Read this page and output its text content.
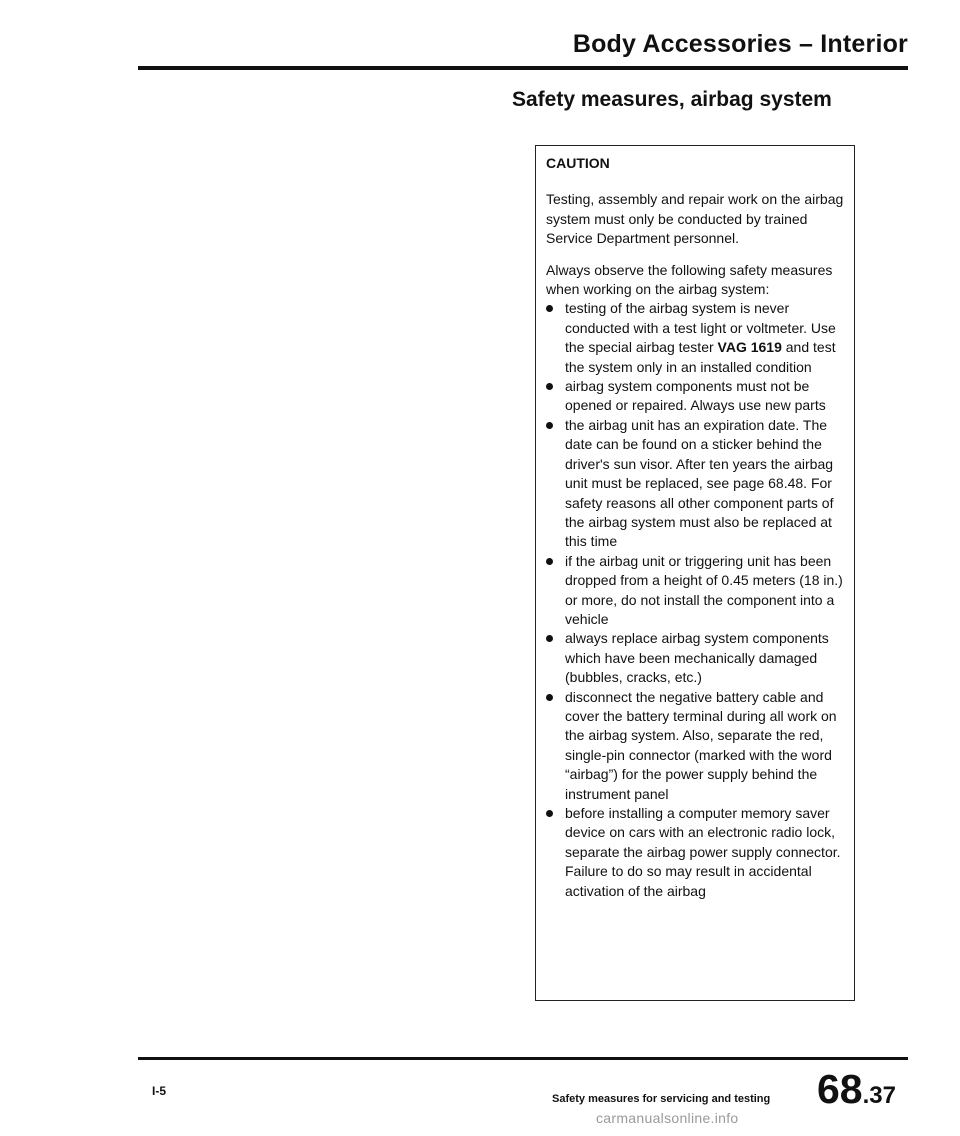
Body Accessories – Interior
Safety measures, airbag system
CAUTION

Testing, assembly and repair work on the airbag system must only be conducted by trained Service Department personnel.

Always observe the following safety measures when working on the airbag system:

testing of the airbag system is never conducted with a test light or voltmeter. Use the special airbag tester VAG 1619 and test the system only in an installed condition
airbag system components must not be opened or repaired. Always use new parts
the airbag unit has an expiration date. The date can be found on a sticker behind the driver's sun visor. After ten years the airbag unit must be replaced, see page 68.48. For safety reasons all other component parts of the airbag system must also be replaced at this time
if the airbag unit or triggering unit has been dropped from a height of 0.45 meters (18 in.) or more, do not install the component into a vehicle
always replace airbag system components which have been mechanically damaged (bubbles, cracks, etc.)
disconnect the negative battery cable and cover the battery terminal during all work on the airbag system. Also, separate the red, single-pin connector (marked with the word “airbag”) for the power supply behind the instrument panel
before installing a computer memory saver device on cars with an electronic radio lock, separate the airbag power supply connector. Failure to do so may result in accidental activation of the airbag
I-5
Safety measures for servicing and testing 68.37
carmanualsonline.info
